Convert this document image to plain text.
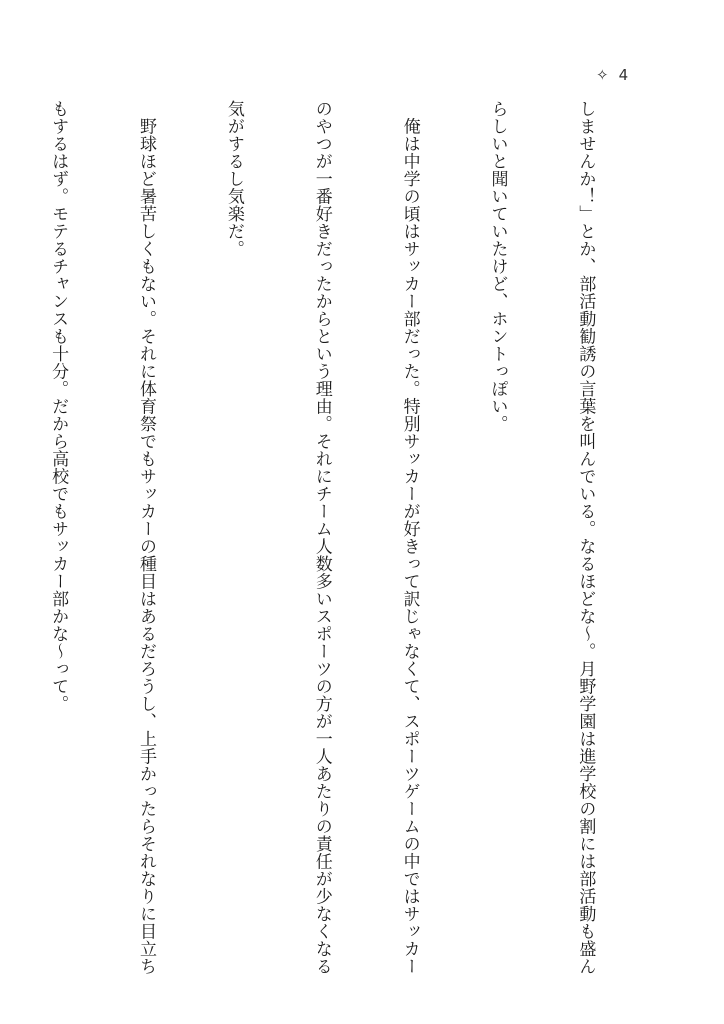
✧ 4

しませんか！」とか、部活動勧誘の言葉を叫んでいる。なるほどな～。月野学園は進学校の割には部活動も盛ん

らしいと聞いていたけど、ホントっぽい。

　俺は中学の頃はサッカー部だった。特別サッカーが好きって訳じゃなくて、スポーツゲームの中ではサッカー

のやつが一番好きだったからという理由。それにチーム人数多いスポーツの方が一人あたりの責任が少なくなる

気がするし気楽だ。

　野球ほど暑苦しくもない。それに体育祭でもサッカーの種目はあるだろうし、上手かったらそれなりに目立ち

もするはず。モテるチャンスも十分。だから高校でもサッカー部かな～って。
